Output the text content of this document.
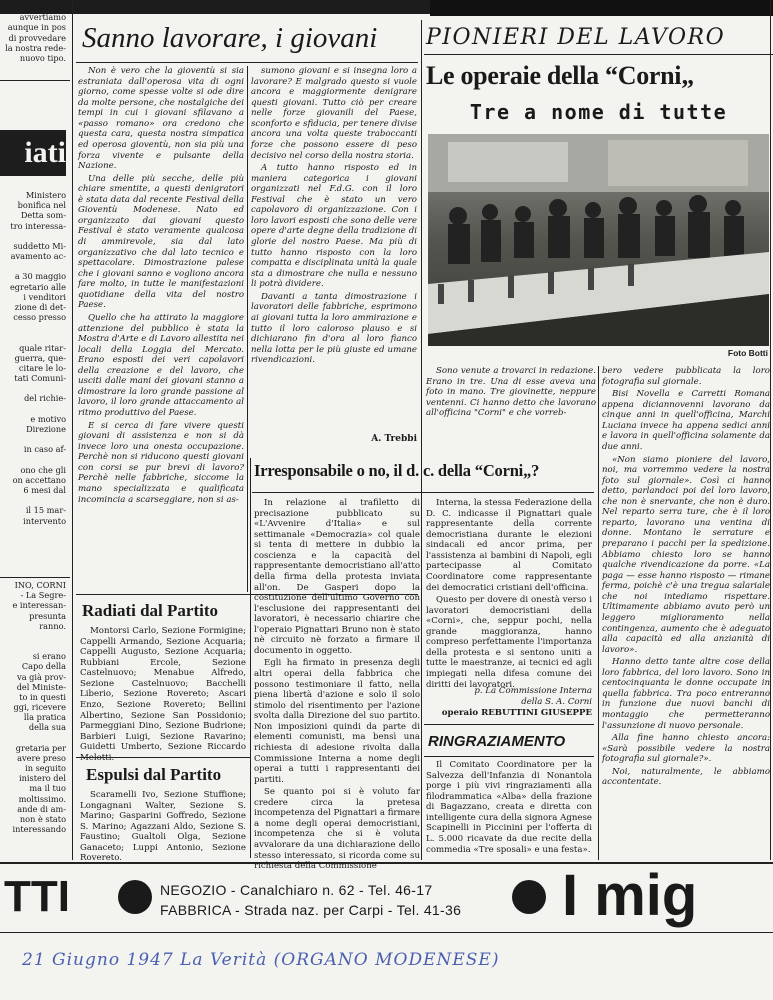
o « LA VE-

avvertiamo

aunque in pos

di provvedare

la nostra rede-

nuovo tipo.

iati

Ministero

bonifica nel

Detta som-

tro interessa-

suddetto Mi-

avamento ac-

a 30 maggio

egretario alle

i venditori

zione di det-

cesso presso

quale ritar-

guerra, que-

citare le lo-

tati Comuni-

del richie-

e motivo

Direzione

in caso af-

ono che gli

on accettano

6 mesi dal

il 15 mar-

intervento

INO, CORNI

- La Segre-

e interessan-

presunta

ranno.

si erano

Capo della

va già prov-

del Ministe-

to in questi

ggi, ricevere

lla pratica

della sua

gretaria per

avere preso

in seguito

inistero del

ma il tuo

moltissimo.

ande di am-

non è stato

interessando

Sanno lavorare, i giovani

Non è vero che la gioventù si sia estraniata dall'operosa vita di ogni giorno, come spesse volte si ode dire da molte persone, che nostalgiche dei tempi in cui i giovani sfilavano a «passo romano» ora credono che questa cara, questa nostra simpatica ed operosa gioventù, non sia più una forza vivente e pulsante della Nazione.

Una delle più secche, delle più chiare smentite, a questi denigratori è stata data dal recente Festival della Gioventù Modenese. Nato ed organizzato dai giovani questo Festival è stato veramente qualcosa di ammirevole, sia dal lato organizzativo che dal lato tecnico e spettacolare. Dimostrazione palese che i giovani sanno e vogliono ancora fare molto, in tutte le manifestazioni quotidiane della vita del nostro Paese.

Quello che ha attirato la maggiore attenzione del pubblico è stata la Mostra d'Arte e di Lavoro allestita nei locali della Loggia del Mercato. Erano esposti dei veri capolavori della creazione e del lavoro, che usciti dalle mani dei giovani stanno a dimostrare la loro grande passione al lavoro, il loro grande attaccamento al ritmo produttivo del Paese.

E si cerca di fare vivere questi giovani di assistenza e non si dà invece loro una onesta occupazione. Perchè non si riducono questi giovani con corsi se pur brevi di lavoro? Perchè nelle fabbriche, siccome la mano specializzata e qualificata incomincia a scarseggiare, non si as-

sumono giovani e si insegna loro a lavorare? E malgrado questo si vuole ancora e maggiormente denigrare questi giovani. Tutto ciò per creare nelle forze giovanili del Paese, sconforto e sfiducia, per tenere divise ancora una volta queste traboccanti forze che possono essere di peso decisivo nel corso della nostra storia.

A tutto hanno risposto ed in maniera categorica i giovani organizzati nel F.d.G. con il loro Festival che è stato un vero capolavoro di organizzazione. Con i loro lavori esposti che sono delle vere opere d'arte degne della tradizione di glorie del nostro Paese. Ma più di tutto hanno risposto con la loro compatta e disciplinata unità la quale sta a dimostrare che nulla e nessuno li potrà dividere.

Davanti a tanta dimostrazione i lavoratori delle fabbriche, esprimono ai giovani tutta la loro ammirazione e tutto il loro caloroso plauso e si dichiarano fin d'ora al loro fianco nella lotta per le più giuste ed umane rivendicazioni.

A. Trebbi
Radiati dal Partito
Montorsi Carlo, Sezione Formigine; Cappelli Armando, Sezione Acquaria; Cappelli Augusto, Sezione Acquaria; Rubbiani Ercole, Sezione Castelnuovo; Menabue Alfredo, Sezione Castelnuovo; Bacchelli Liberio, Sezione Rovereto; Ascari Enzo, Sezione Rovereto; Bellini Albertino, Sezione San Possidonio; Parmeggiani Dino, Sezione Budrione; Barbieri Luigi, Sezione Ravarino; Guidetti Umberto, Sezione Riccardo Melotti.
Espulsi dal Partito
Scaramelli Ivo, Sezione Stuffione; Longagnani Walter, Sezione S. Marino; Gasparini Goffredo, Sezione S. Marino; Agazzani Aldo, Sezione S. Faustino; Gualtoli Olga, Sezione Ganaceto; Luppi Antonio, Sezione Rovereto.
Irresponsabile o no, il d. c. della “Corni„?

In relazione al trafiletto di precisazione pubblicato su «L'Avvenire d'Italia» e sul settimanale «Democrazia» col quale si tenta di mettere in dubbio la coscienza e la capacità del rappresentante democristiano all'atto della firma della protesta inviata all'on. De Gasperi dopo la costituzione dell'ultimo Governo con l'esclusione dei rappresentanti dei lavoratori, è necessario chiarire che l'operaio Pignattari Bruno non è stato nè circuito nè forzato a firmare il documento in oggetto.

Egli ha firmato in presenza degli altri operai della fabbrica che possono testimoniare il fatto, nella piena libertà d'azione e solo il solo stimolo del risentimento per l'azione svolta dalla Direzione del suo partito. Non imposizioni quindi da parte di elementi comunisti, ma bensì una richiesta di adesione rivolta dalla Commissione Interna a nome degli operai a tutti i rappresentanti dei partiti.

Se quanto poi si è voluto far credere circa la pretesa incompetenza del Pignattari a firmare a nome degli operai democristiani, incompetenza che si è voluta avvalorare da una dichiarazione dello stesso interessato, si ricorda come su richiesta della Commissione

Interna, la stessa Federazione della D. C. indicasse il Pignattari quale rappresentante della corrente democristiana durante le elezioni sindacali ed ancor prima, per l'assistenza ai bambini di Napoli, egli partecipasse al Comitato Coordinatore come rappresentante dei democratici cristiani dell'officina.

Questo per dovere di onestà verso i lavoratori democristiani della «Corni», che, seppur pochi, nella grande maggioranza, hanno compreso perfettamente l'importanza della protesta e si sentono uniti a tutte le maestranze, ai tecnici ed agli impiegati nella difesa comune dei diritti dei lavoratori.

p. La Commissione Interna
della S. A. Corni
operaio REBUTTINI GIUSEPPE
RINGRAZIAMENTO
Il Comitato Coordinatore per la Salvezza dell'Infanzia di Nonantola porge i più vivi ringraziamenti alla filodrammatica «Alba» della frazione di Bagazzano, creata e diretta con intelligente cura della signora Agnese Scapinelli in Piccinini per l'offerta di L. 5.000 ricavate da due recite della commedia «Tre sposali» e una festa».
PIONIERI DEL LAVORO
Le operaie della “Corni„
Tre a nome di tutte
Foto Botti

Sono venute a trovarci in redazione. Erano in tre. Una di esse aveva una foto in mano. Tre giovinette, neppure ventenni. Ci hanno detto che lavorano all'officina "Corni" e che vorreb-

bero vedere pubblicata la loro fotografia sul giornale.

Bisi Novella e Carretti Romana appena diciannovenni lavorano da cinque anni in quell'officina, Marchi Luciana invece ha appena sedici anni e lavora in quell'officina solamente da due anni.

«Non siamo pioniere del lavoro, noi, ma vorremmo vedere la nostra foto sul giornale». Così ci hanno detto, parlandoci poi del loro lavoro, che non è snervante, che non è duro. Nel reparto serra ture, che è il loro reparto, lavorano una ventina di donne. Montano le serrature e preparano i pacchi per la spedizione. Abbiamo chiesto loro se hanno qualche rivendicazione da porre. «La paga — esse hanno risposto — rimane ferma, poichè c'è una tregua salariale che noi intediamo rispettare. Ultimamente abbiamo avuto però un leggero miglioramento nella contingenza, aumento che è adeguato alla capacità ed alla anzianità di lavoro».

Hanno detto tante altre cose della loro fabbrica, del loro lavoro. Sono in centocinquanta le donne occupate in quella fabbrica. Tra poco entreranno in funzione due nuovi banchi di montaggio che permetteranno l'assunzione di nuovo personale.

Alla fine hanno chiesto ancora: «Sarà possibile vedere la nostra fotografia sul giornale?».

Noi, naturalmente, le abbiamo accontentate.

TTI	NEGOZIO - Canalchiaro n. 62 - Tel. 46-17
FABBRICA - Strada naz. per Carpi - Tel. 41-36	I mig
21 Giugno 1947 La Verità (ORGANO MODENESE)
